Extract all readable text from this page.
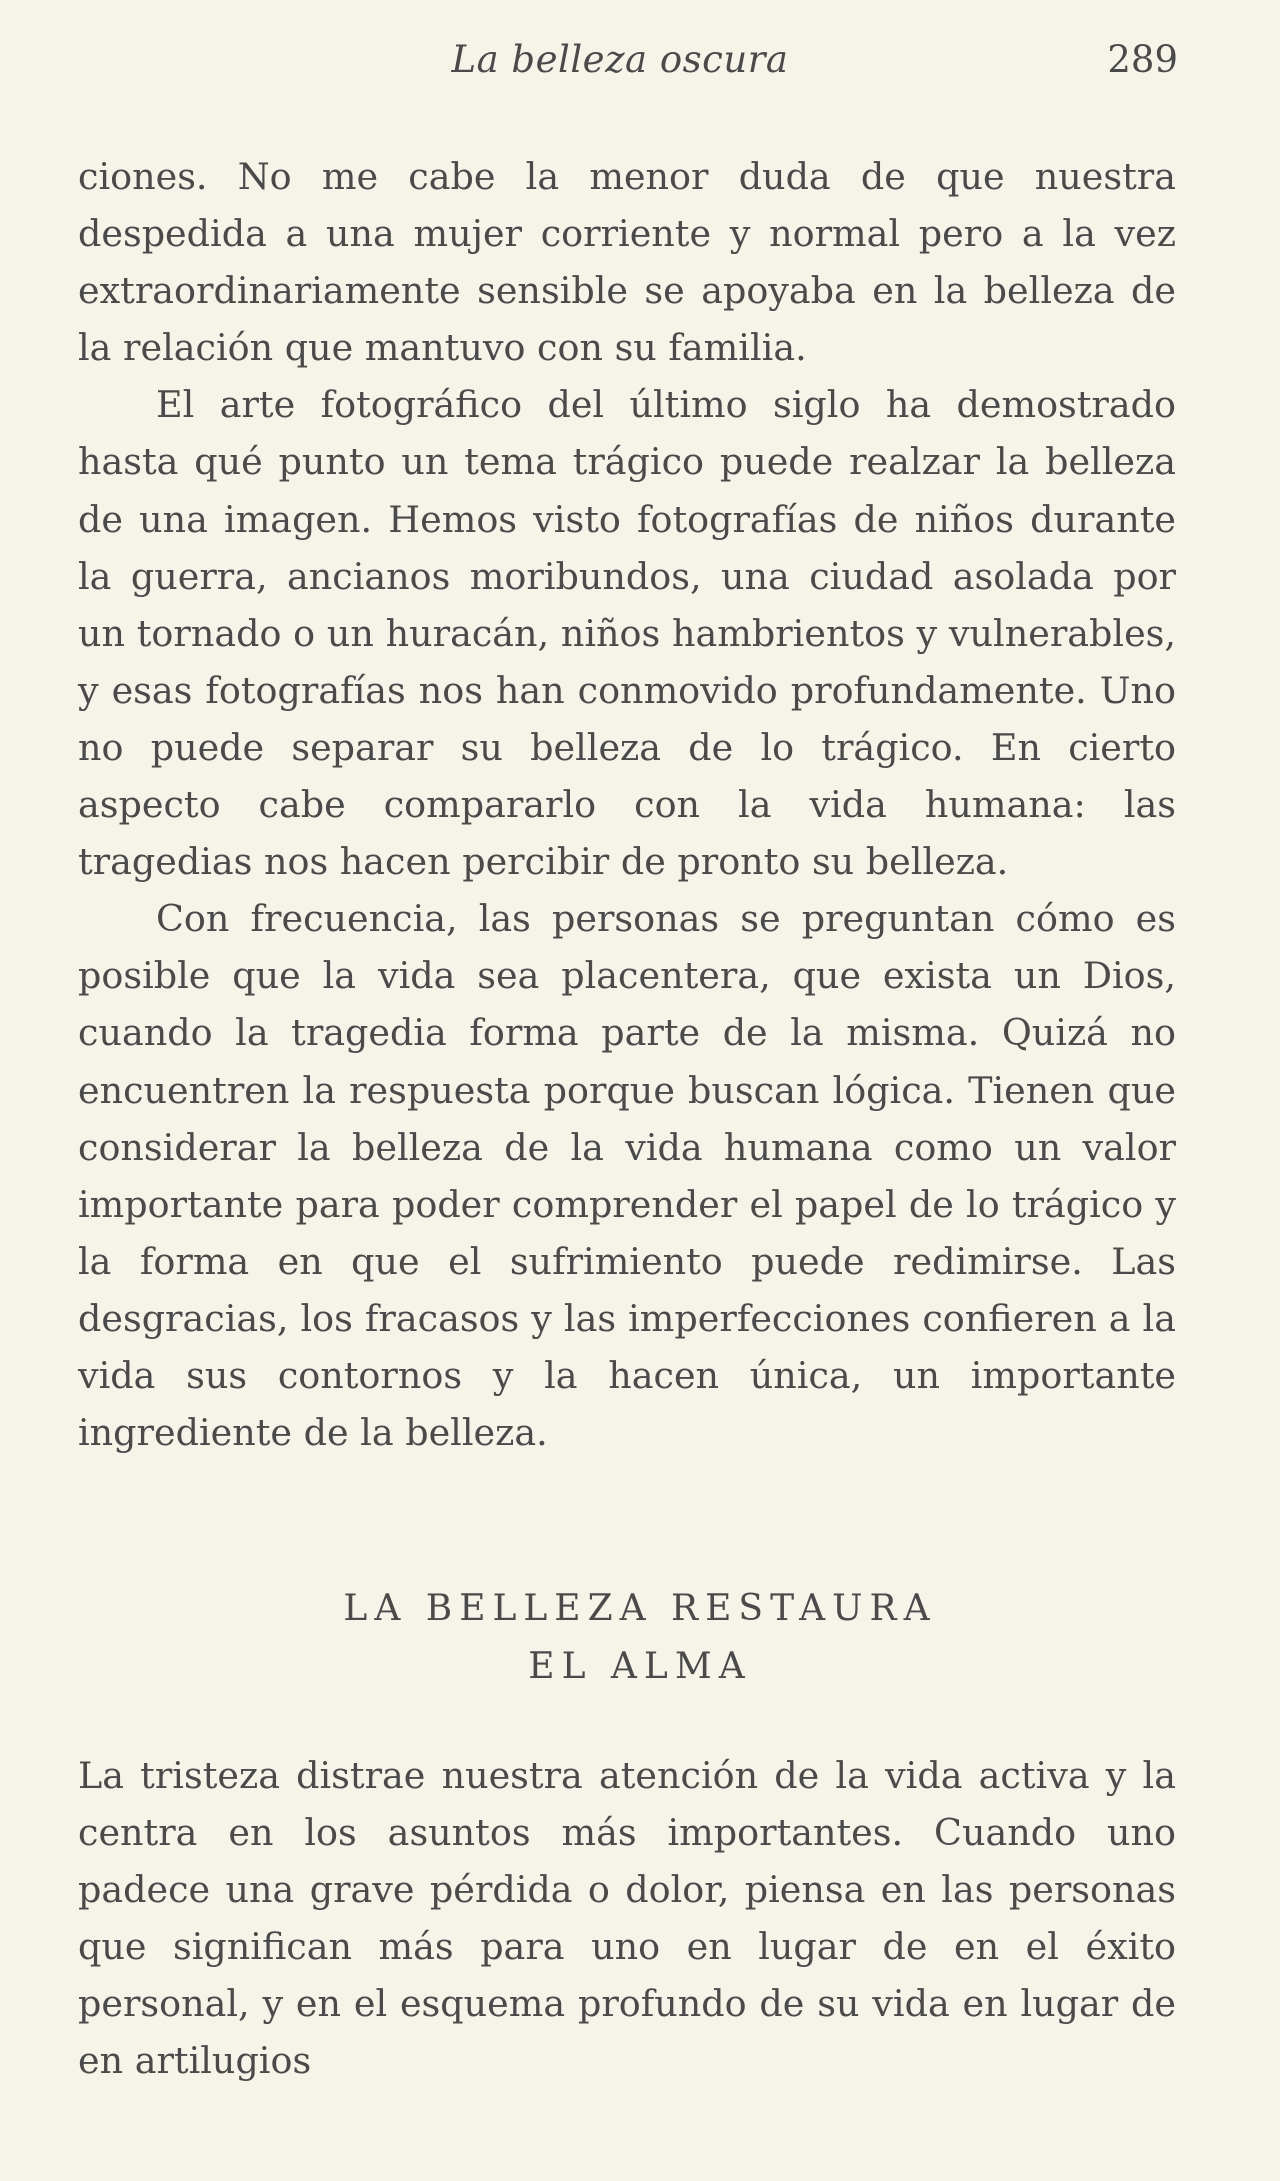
La belleza oscura	289

ciones. No me cabe la menor duda de que nuestra despedida a una mujer corriente y normal pero a la vez extraordinariamente sensible se apoyaba en la belleza de la relación que mantuvo con su familia.

El arte fotográfico del último siglo ha demostrado hasta qué punto un tema trágico puede realzar la belleza de una imagen. Hemos visto fotografías de niños durante la guerra, ancianos moribundos, una ciudad asolada por un tornado o un huracán, niños hambrientos y vulnerables, y esas fotografías nos han conmovido profundamente. Uno no puede separar su belleza de lo trágico. En cierto aspecto cabe compararlo con la vida humana: las tragedias nos hacen percibir de pronto su belleza.

Con frecuencia, las personas se preguntan cómo es posible que la vida sea placentera, que exista un Dios, cuando la tragedia forma parte de la misma. Quizá no encuentren la respuesta porque buscan lógica. Tienen que considerar la belleza de la vida humana como un valor importante para poder comprender el papel de lo trágico y la forma en que el sufrimiento puede redimirse. Las desgracias, los fracasos y las imperfecciones confieren a la vida sus contornos y la hacen única, un importante ingrediente de la belleza.

LA BELLEZA RESTAURA
EL ALMA

La tristeza distrae nuestra atención de la vida activa y la centra en los asuntos más importantes. Cuando uno padece una grave pérdida o dolor, piensa en las personas que significan más para uno en lugar de en el éxito personal, y en el esquema profundo de su vida en lugar de en artilugios
